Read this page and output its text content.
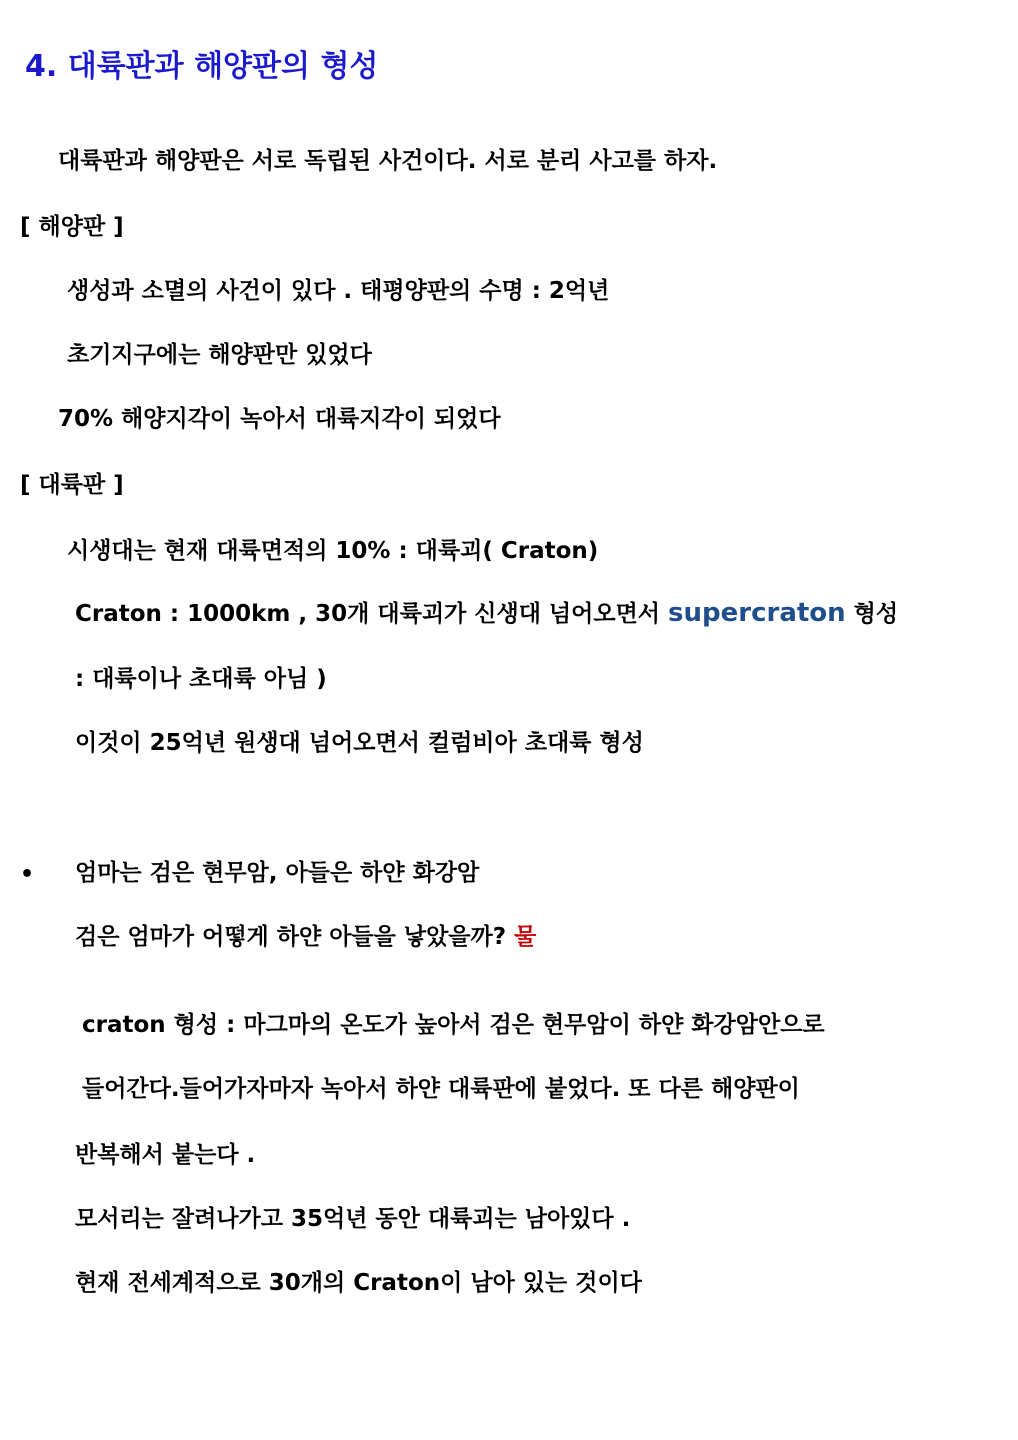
4. 대륙판과 해양판의 형성
대륙판과 해양판은 서로 독립된 사건이다. 서로 분리 사고를 하자.
[ 해양판 ]
생성과 소멸의 사건이 있다 . 태평양판의 수명 : 2억년
초기지구에는 해양판만 있었다
70% 해양지각이 녹아서 대륙지각이 되었다
[ 대륙판 ]
시생대는 현재 대륙면적의 10% : 대륙괴( Craton)
Craton : 1000km , 30개 대륙괴가 신생대 넘어오면서 supercraton 형성
: 대륙이나 초대륙 아님 )
이것이 25억년 원생대 넘어오면서 컬럼비아 초대륙 형성
• 엄마는 검은 현무암, 아들은 하얀 화강암
검은 엄마가 어떻게 하얀 아들을 낳았을까? 물
craton 형성 : 마그마의 온도가 높아서 검은 현무암이 하얀 화강암안으로
들어간다.들어가자마자 녹아서 하얀 대륙판에 붙었다. 또 다른 해양판이
반복해서 붙는다 .
모서리는 잘려나가고 35억년 동안 대륙괴는 남아있다 .
현재 전세계적으로 30개의 Craton이 남아 있는 것이다
